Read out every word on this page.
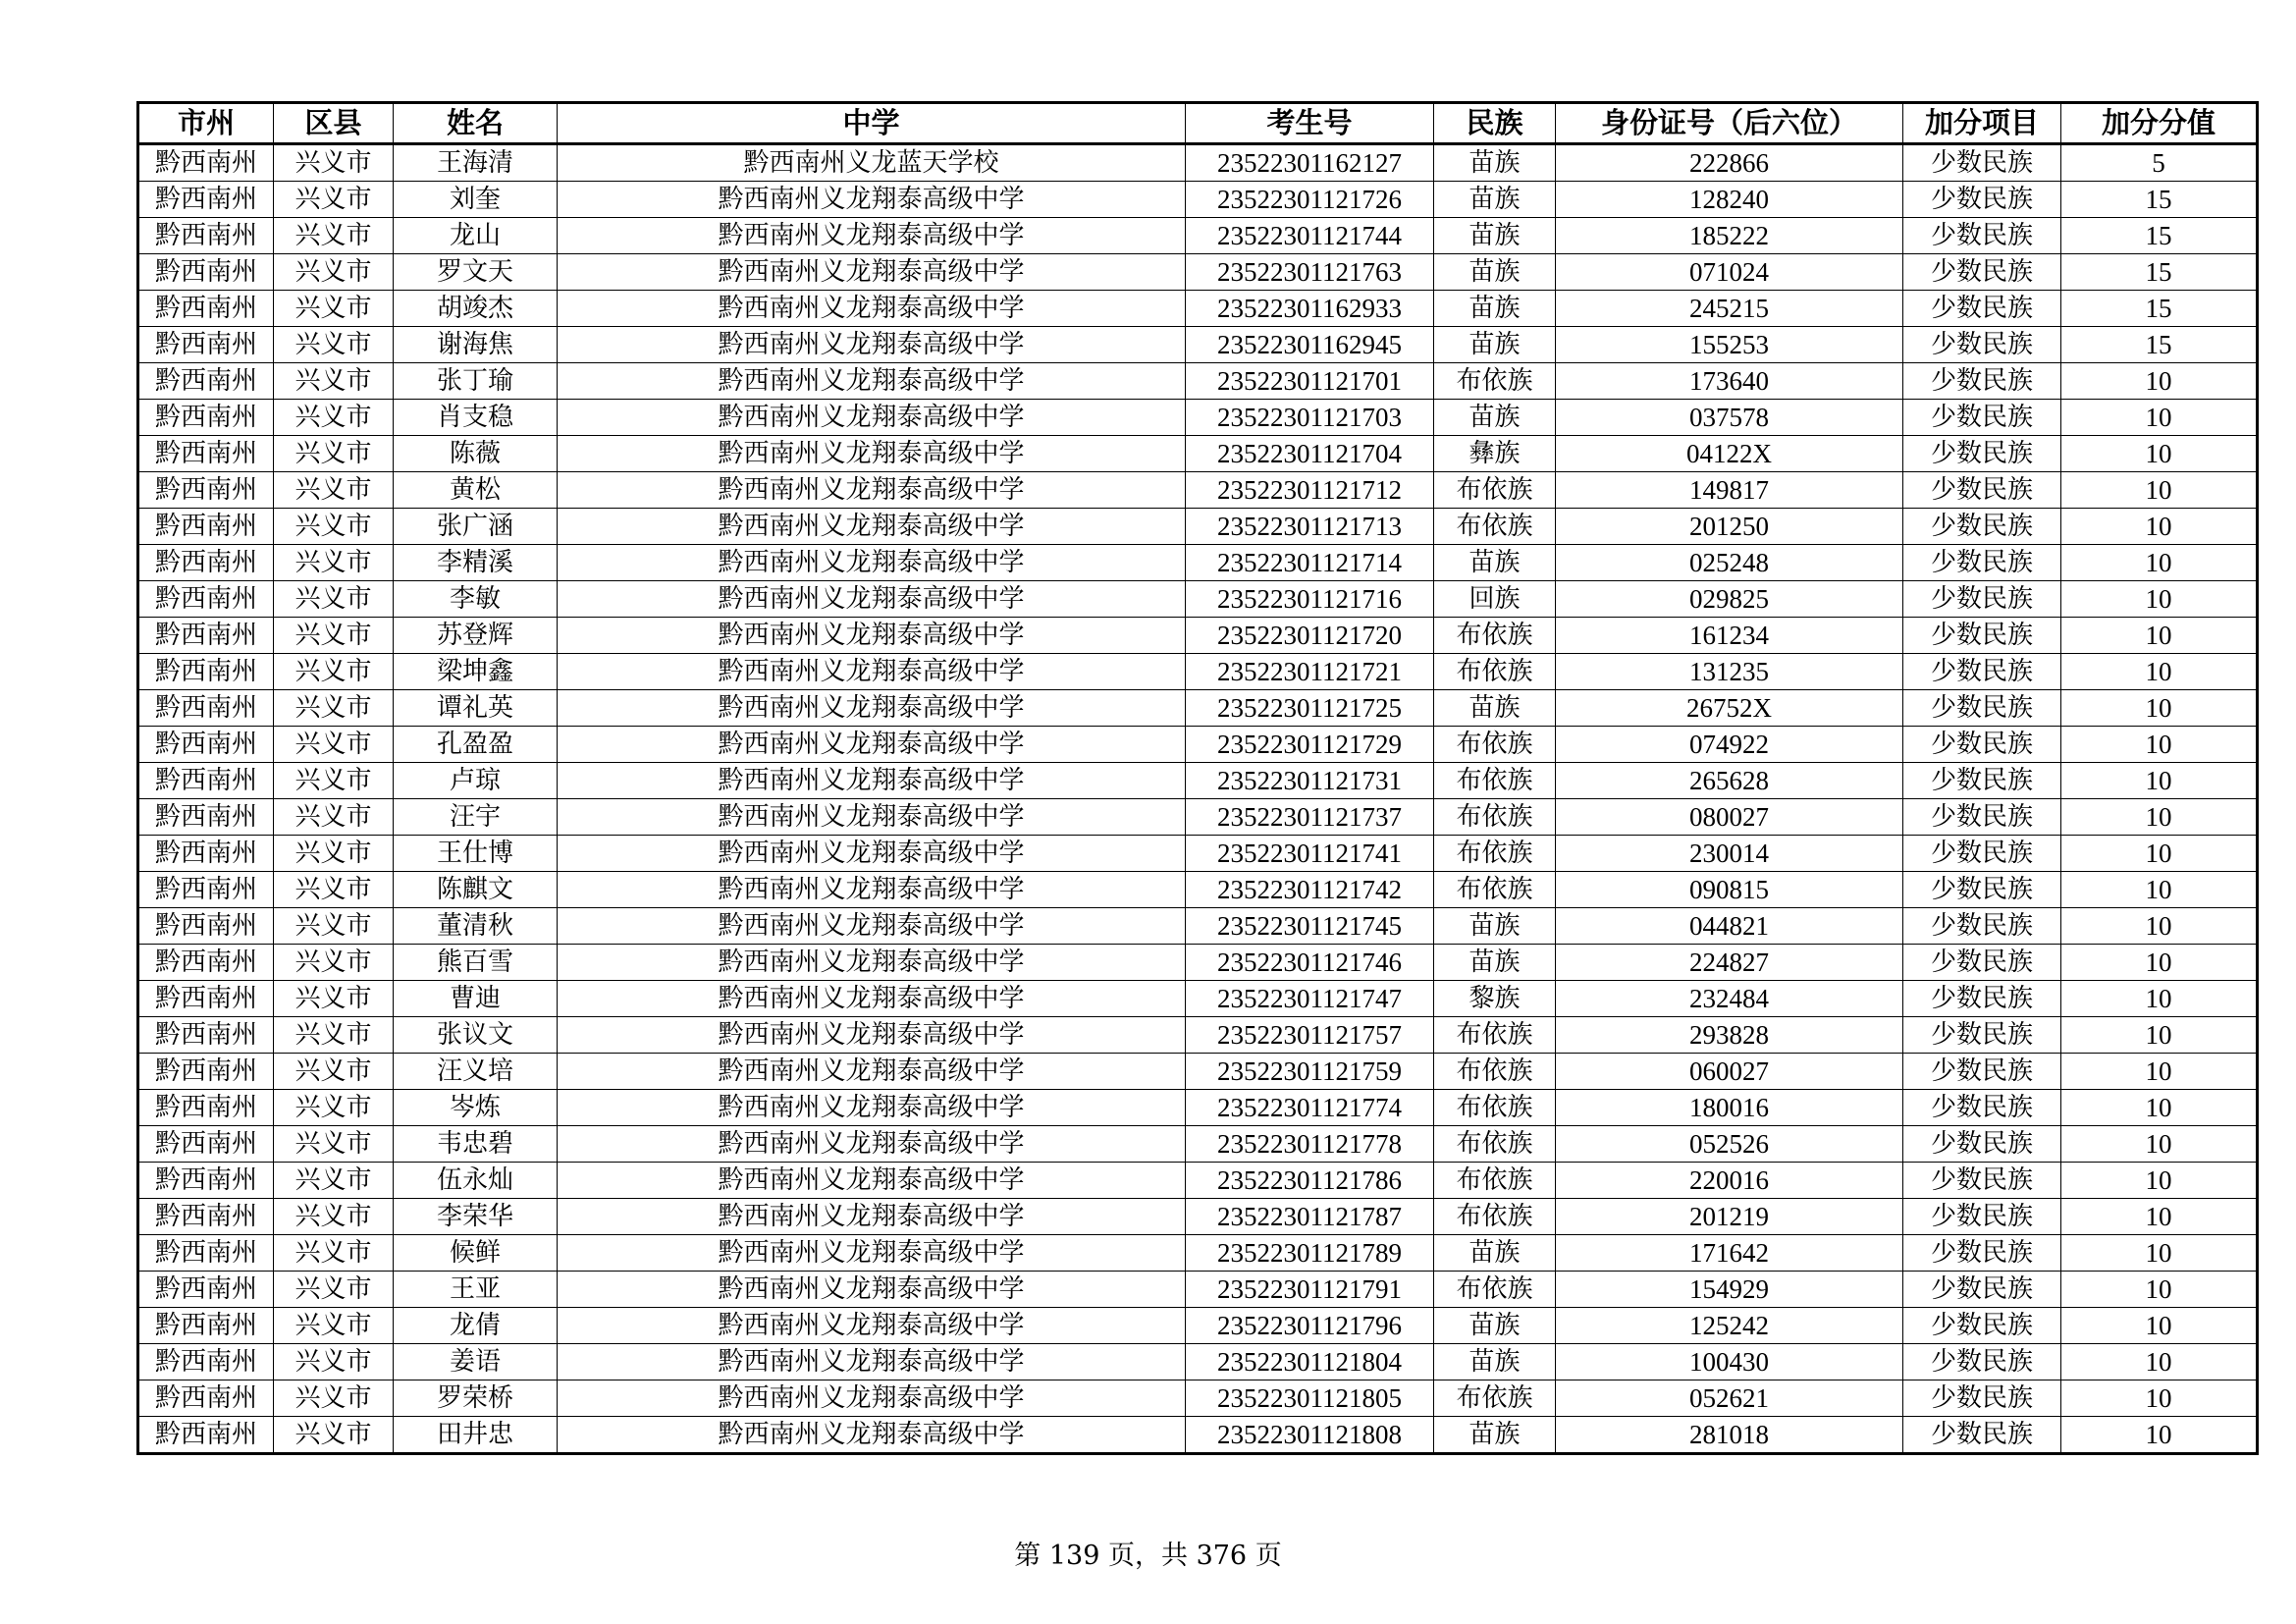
市州	区县	姓名	中学	考生号	民族	身份证号（后六位）	加分项目	加分分值
黔西南州	兴义市	王海清	黔西南州义龙蓝天学校	23522301162127	苗族	222866	少数民族	5
黔西南州	兴义市	刘奎	黔西南州义龙翔泰高级中学	23522301121726	苗族	128240	少数民族	15
黔西南州	兴义市	龙山	黔西南州义龙翔泰高级中学	23522301121744	苗族	185222	少数民族	15
黔西南州	兴义市	罗文天	黔西南州义龙翔泰高级中学	23522301121763	苗族	071024	少数民族	15
黔西南州	兴义市	胡竣杰	黔西南州义龙翔泰高级中学	23522301162933	苗族	245215	少数民族	15
黔西南州	兴义市	谢海焦	黔西南州义龙翔泰高级中学	23522301162945	苗族	155253	少数民族	15
黔西南州	兴义市	张丁瑜	黔西南州义龙翔泰高级中学	23522301121701	布依族	173640	少数民族	10
黔西南州	兴义市	肖支稳	黔西南州义龙翔泰高级中学	23522301121703	苗族	037578	少数民族	10
黔西南州	兴义市	陈薇	黔西南州义龙翔泰高级中学	23522301121704	彝族	04122X	少数民族	10
黔西南州	兴义市	黄松	黔西南州义龙翔泰高级中学	23522301121712	布依族	149817	少数民族	10
黔西南州	兴义市	张广涵	黔西南州义龙翔泰高级中学	23522301121713	布依族	201250	少数民族	10
黔西南州	兴义市	李精溪	黔西南州义龙翔泰高级中学	23522301121714	苗族	025248	少数民族	10
黔西南州	兴义市	李敏	黔西南州义龙翔泰高级中学	23522301121716	回族	029825	少数民族	10
黔西南州	兴义市	苏登辉	黔西南州义龙翔泰高级中学	23522301121720	布依族	161234	少数民族	10
黔西南州	兴义市	梁坤鑫	黔西南州义龙翔泰高级中学	23522301121721	布依族	131235	少数民族	10
黔西南州	兴义市	谭礼英	黔西南州义龙翔泰高级中学	23522301121725	苗族	26752X	少数民族	10
黔西南州	兴义市	孔盈盈	黔西南州义龙翔泰高级中学	23522301121729	布依族	074922	少数民族	10
黔西南州	兴义市	卢琼	黔西南州义龙翔泰高级中学	23522301121731	布依族	265628	少数民族	10
黔西南州	兴义市	汪宇	黔西南州义龙翔泰高级中学	23522301121737	布依族	080027	少数民族	10
黔西南州	兴义市	王仕博	黔西南州义龙翔泰高级中学	23522301121741	布依族	230014	少数民族	10
黔西南州	兴义市	陈麒文	黔西南州义龙翔泰高级中学	23522301121742	布依族	090815	少数民族	10
黔西南州	兴义市	董清秋	黔西南州义龙翔泰高级中学	23522301121745	苗族	044821	少数民族	10
黔西南州	兴义市	熊百雪	黔西南州义龙翔泰高级中学	23522301121746	苗族	224827	少数民族	10
黔西南州	兴义市	曹迪	黔西南州义龙翔泰高级中学	23522301121747	黎族	232484	少数民族	10
黔西南州	兴义市	张议文	黔西南州义龙翔泰高级中学	23522301121757	布依族	293828	少数民族	10
黔西南州	兴义市	汪义培	黔西南州义龙翔泰高级中学	23522301121759	布依族	060027	少数民族	10
黔西南州	兴义市	岑炼	黔西南州义龙翔泰高级中学	23522301121774	布依族	180016	少数民族	10
黔西南州	兴义市	韦忠碧	黔西南州义龙翔泰高级中学	23522301121778	布依族	052526	少数民族	10
黔西南州	兴义市	伍永灿	黔西南州义龙翔泰高级中学	23522301121786	布依族	220016	少数民族	10
黔西南州	兴义市	李荣华	黔西南州义龙翔泰高级中学	23522301121787	布依族	201219	少数民族	10
黔西南州	兴义市	候鲜	黔西南州义龙翔泰高级中学	23522301121789	苗族	171642	少数民族	10
黔西南州	兴义市	王亚	黔西南州义龙翔泰高级中学	23522301121791	布依族	154929	少数民族	10
黔西南州	兴义市	龙倩	黔西南州义龙翔泰高级中学	23522301121796	苗族	125242	少数民族	10
黔西南州	兴义市	姜语	黔西南州义龙翔泰高级中学	23522301121804	苗族	100430	少数民族	10
黔西南州	兴义市	罗荣桥	黔西南州义龙翔泰高级中学	23522301121805	布依族	052621	少数民族	10
黔西南州	兴义市	田井忠	黔西南州义龙翔泰高级中学	23522301121808	苗族	281018	少数民族	10
第 139 页，共 376 页
